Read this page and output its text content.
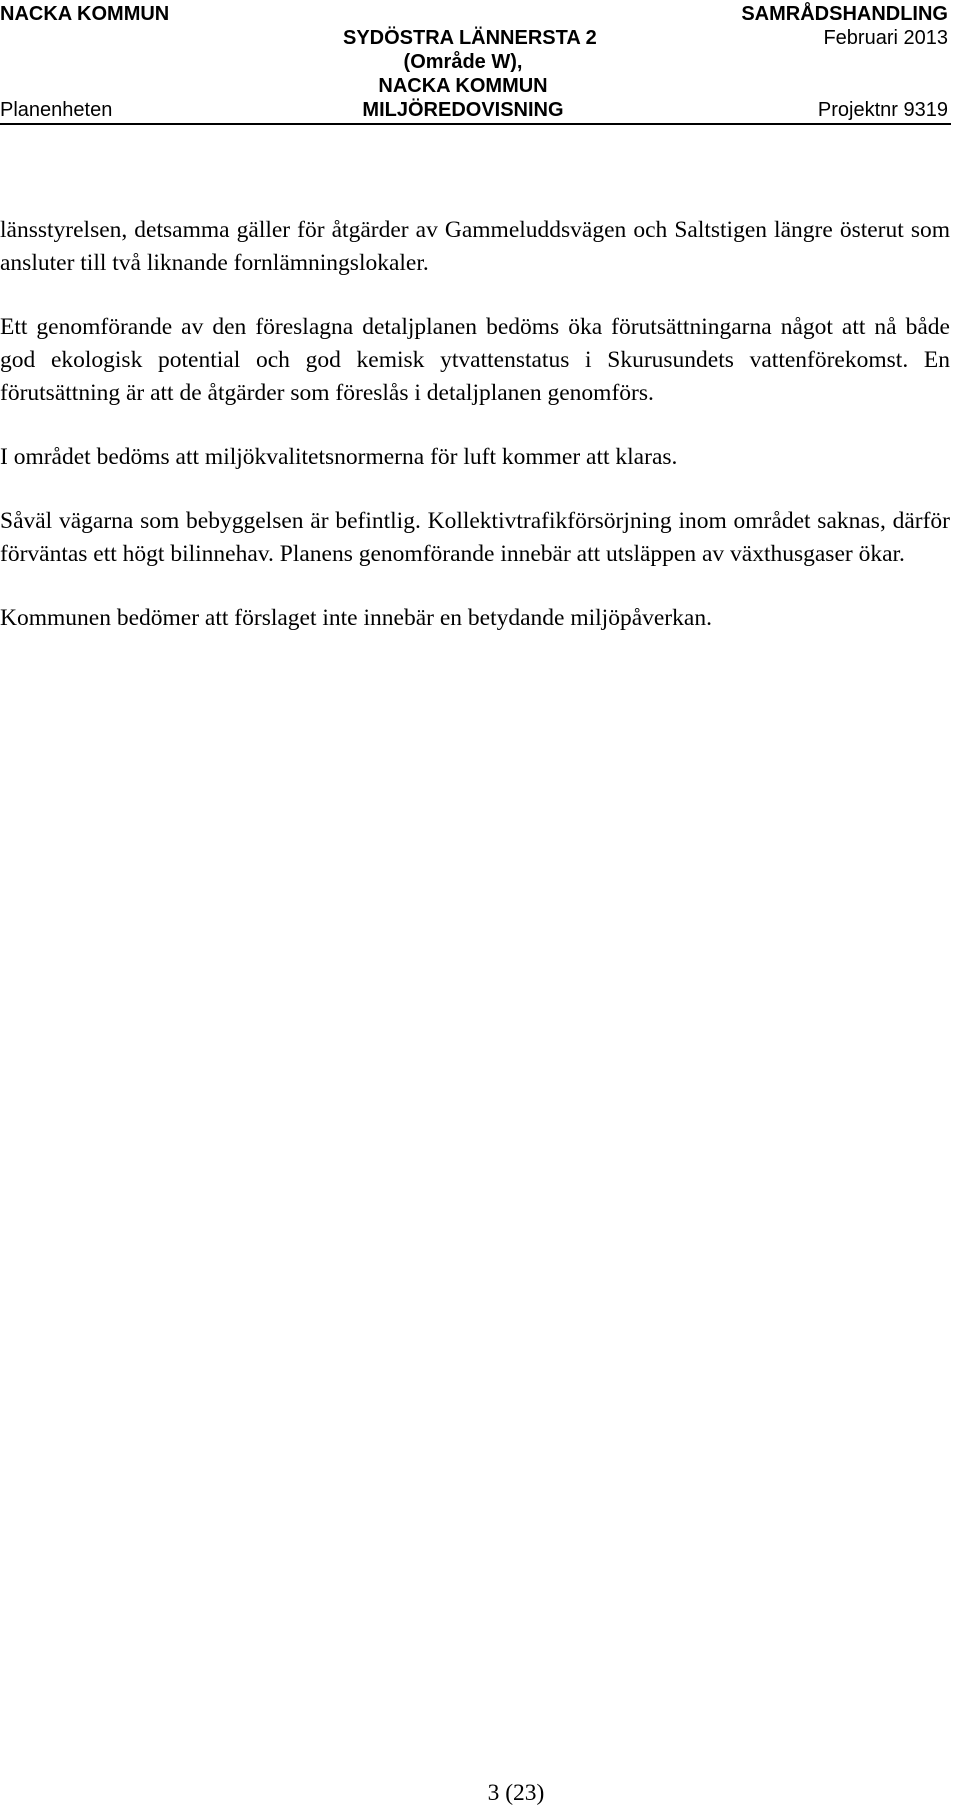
NACKA KOMMUN
Planenheten
SYDÖSTRA LÄNNERSTA 2
(Område W),
NACKA KOMMUN
MILJÖREDOVISNING
SAMRÅDSHANDLING
Februari 2013
Projektnr 9319

länsstyrelsen, detsamma gäller för åtgärder av Gammeluddsvägen och Saltstigen längre österut som ansluter till två liknande fornlämningslokaler.

Ett genomförande av den föreslagna detaljplanen bedöms öka förutsättningarna något att nå både god ekologisk potential och god kemisk ytvattenstatus i Skurusundets vattenförekomst. En förutsättning är att de åtgärder som föreslås i detaljplanen genomförs.

I området bedöms att miljökvalitetsnormerna för luft kommer att klaras.

Såväl vägarna som bebyggelsen är befintlig. Kollektivtrafikförsörjning inom området saknas, därför förväntas ett högt bilinnehav. Planens genomförande innebär att utsläppen av växthusgaser ökar.

Kommunen bedömer att förslaget inte innebär en betydande miljöpåverkan.

3 (23)
